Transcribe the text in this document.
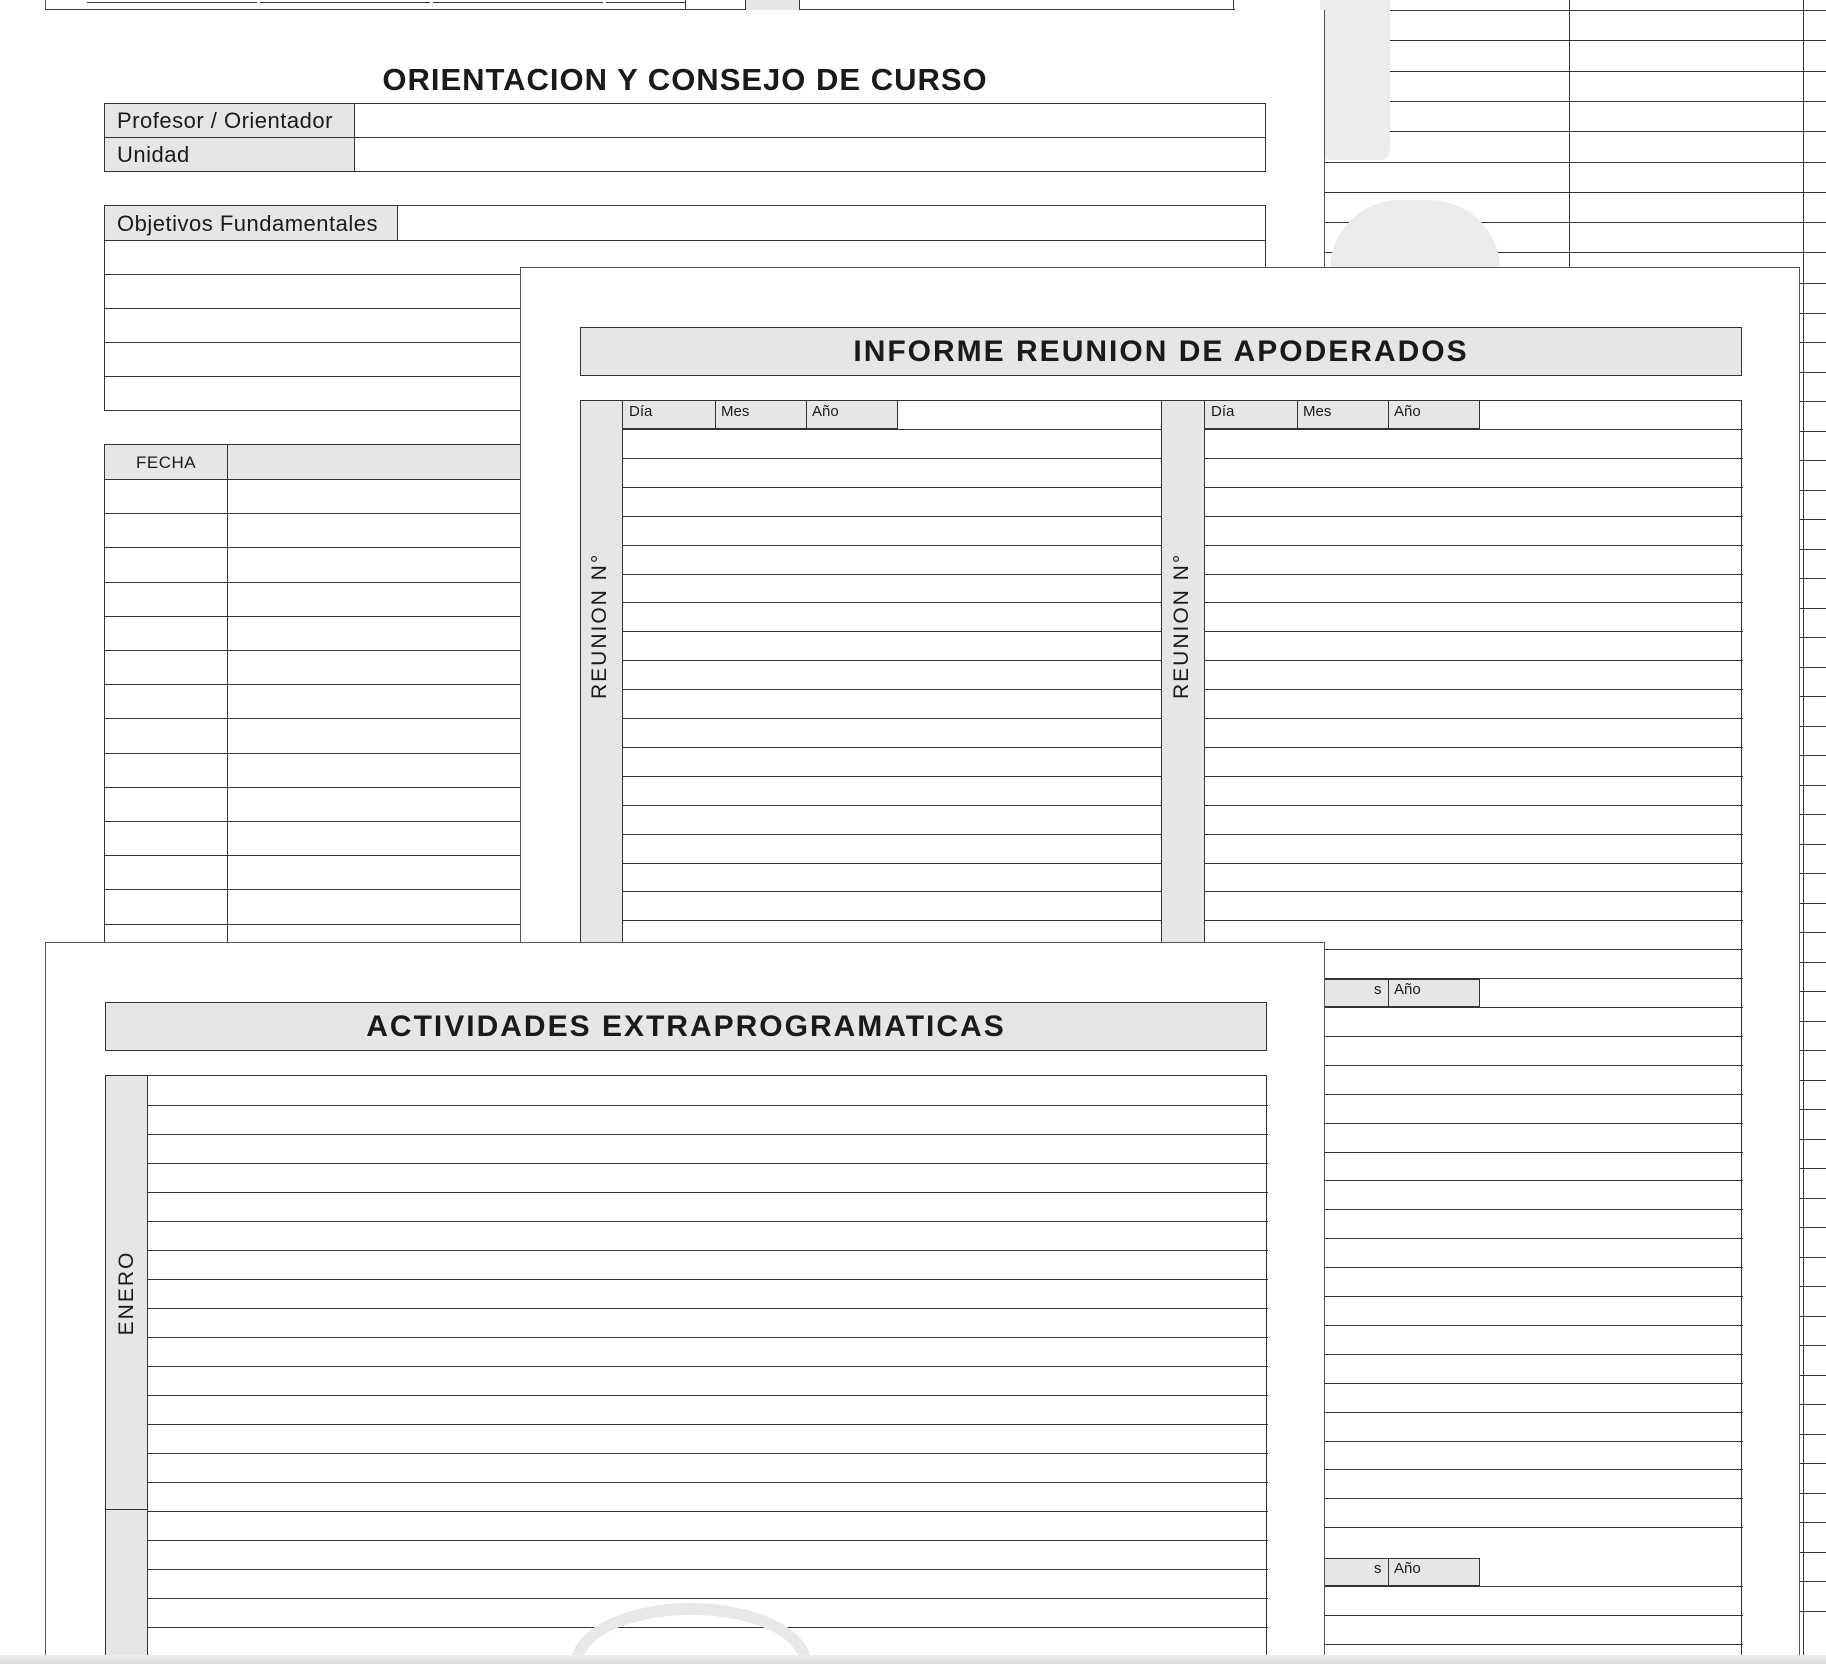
ORIENTACION Y CONSEJO DE CURSO
Profesor / Orientador
Unidad
Objetivos Fundamentales
FECHA
INFORME REUNION DE APODERADOS
REUNION N°
Día	Mes	Año
REUNION N°
Día	Mes	Año
s Año
s Año
ACTIVIDADES EXTRAPROGRAMATICAS
ENERO
